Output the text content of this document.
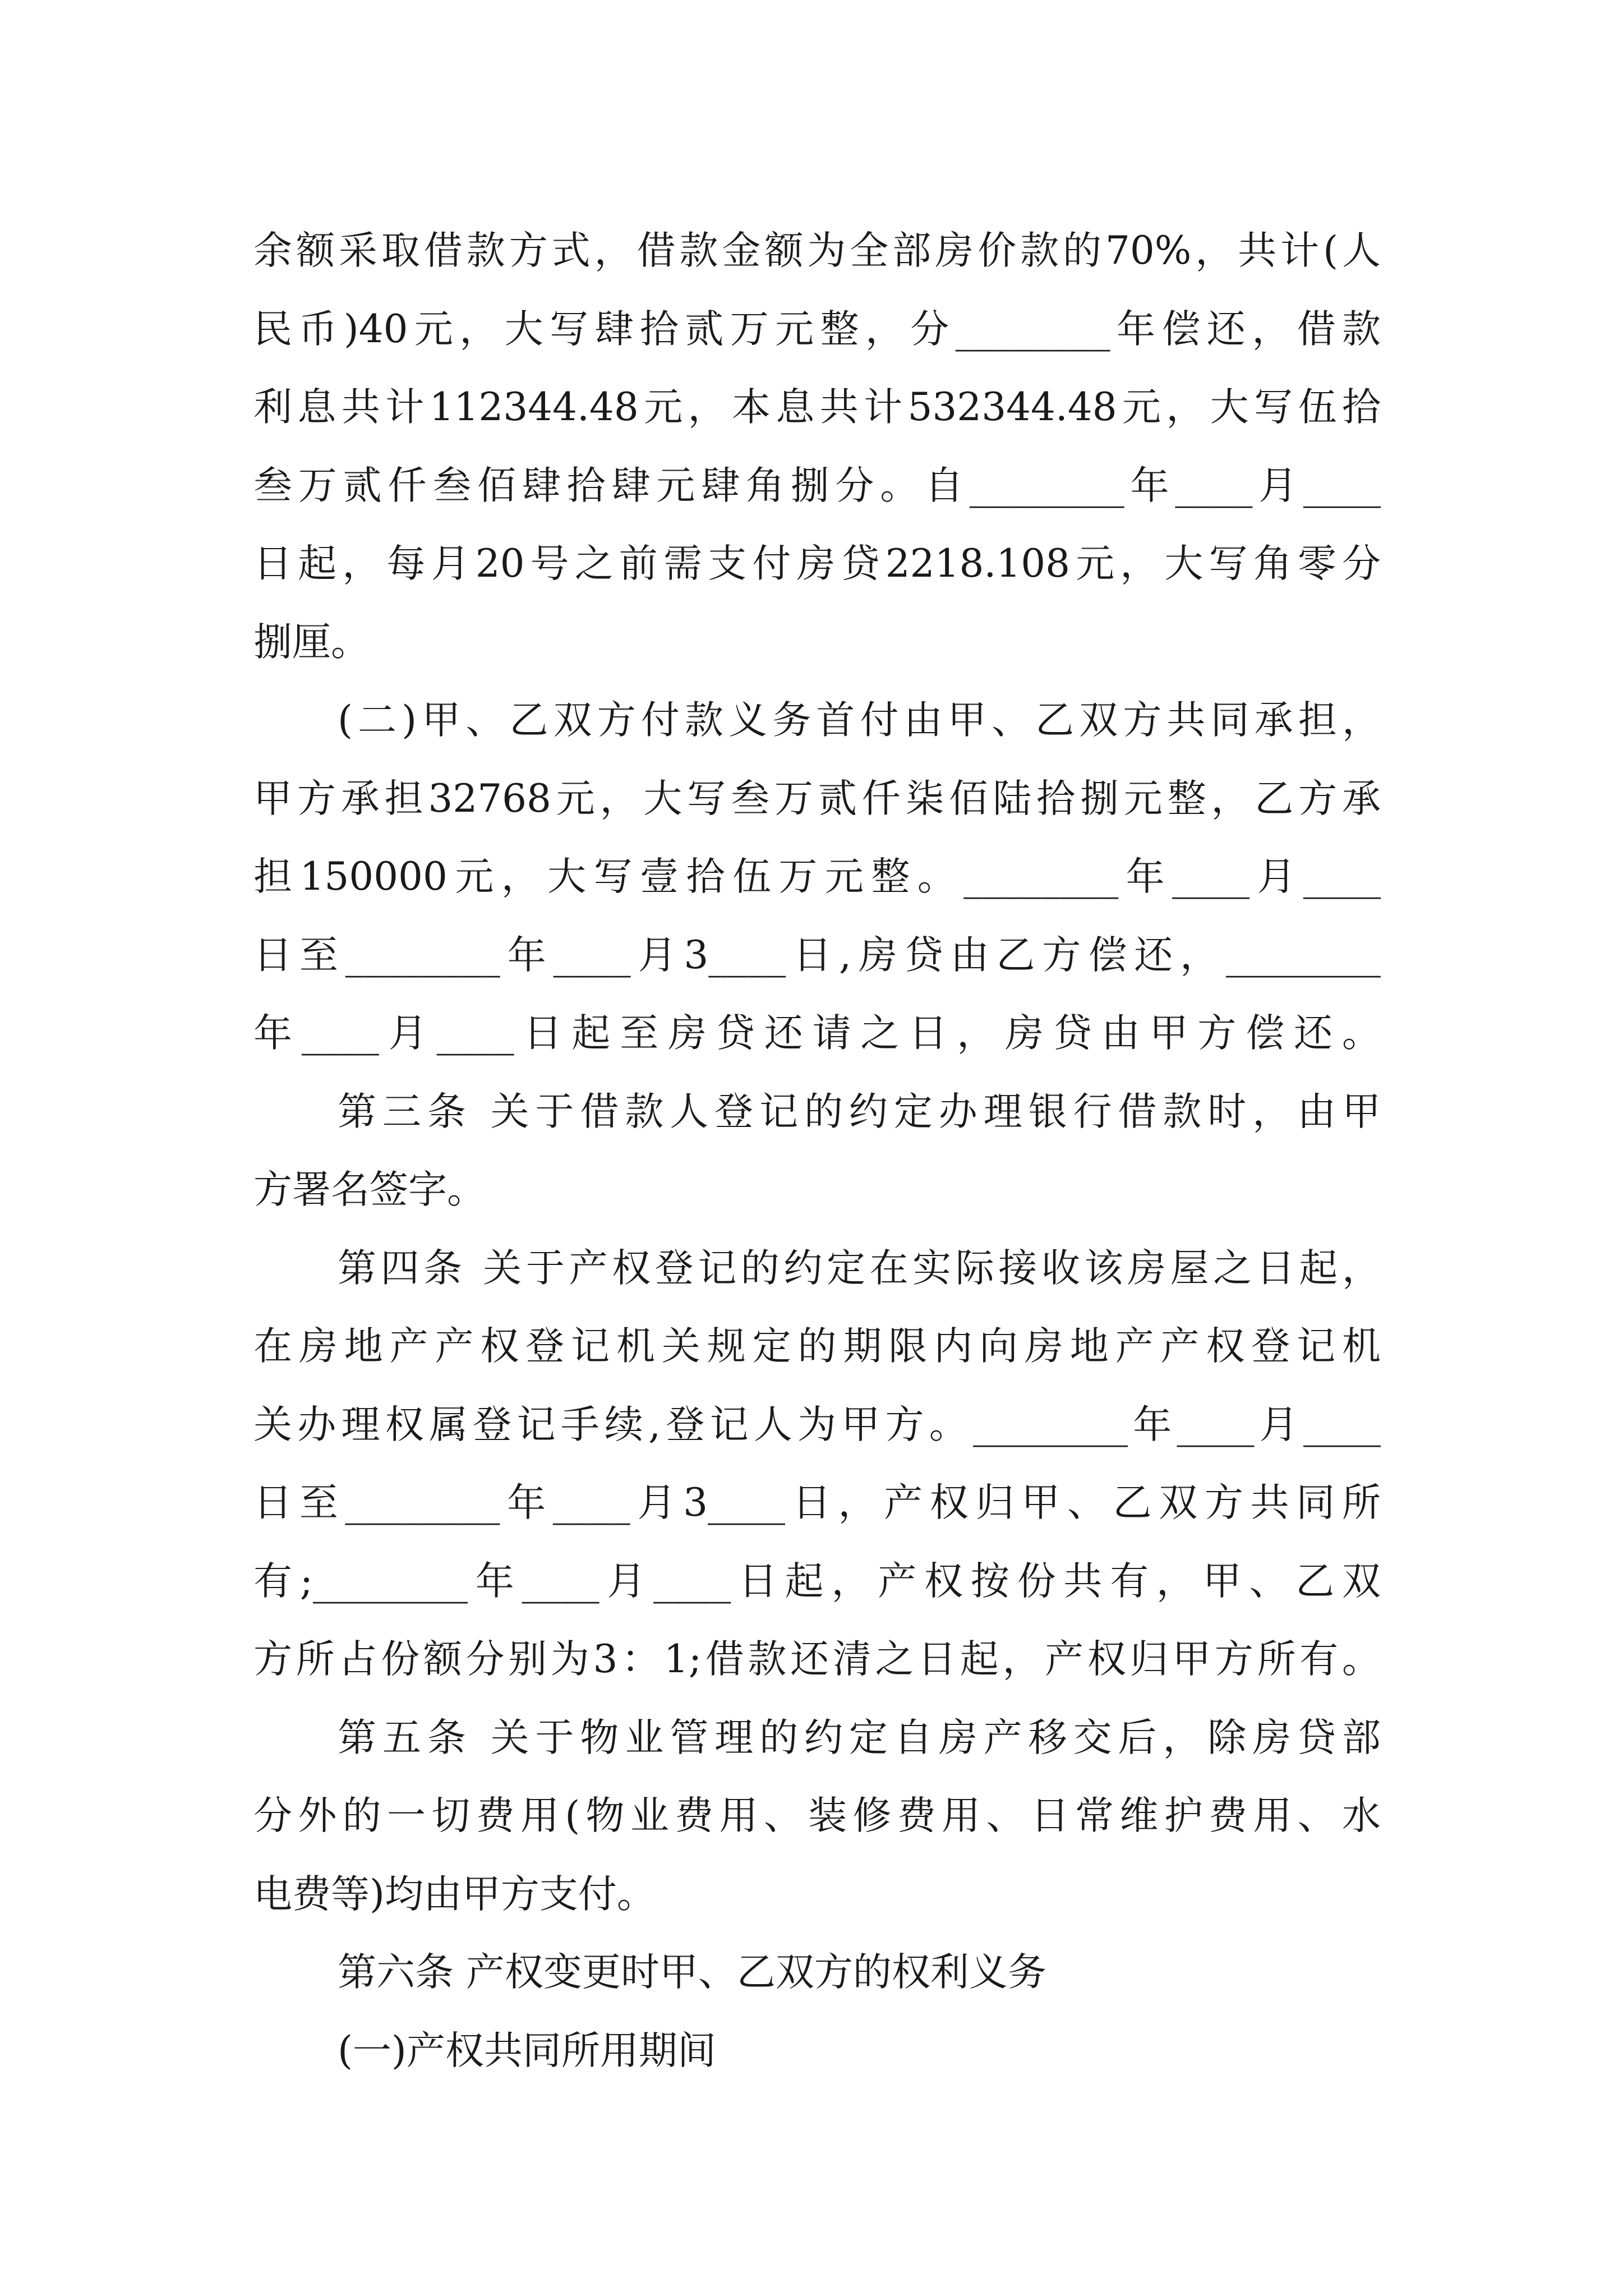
余额采取借款方式，借款金额为全部房价款的70%，共计(人
民币)40元，大写肆拾贰万元整，分________年偿还，借款
利息共计112344.48元，本息共计532344.48元，大写伍拾
叁万贰仟叁佰肆拾肆元肆角捌分。自________年____月____
日起，每月20号之前需支付房贷2218.108元，大写角零分
捌厘。
(二)甲、乙双方付款义务首付由甲、乙双方共同承担，
甲方承担32768元，大写叁万贰仟柒佰陆拾捌元整，乙方承
担150000元，大写壹拾伍万元整。________年____月____
日至________年____月3____日,房贷由乙方偿还，________
年____月____日起至房贷还请之日，房贷由甲方偿还。
第三条 关于借款人登记的约定办理银行借款时，由甲
方署名签字。
第四条 关于产权登记的约定在实际接收该房屋之日起，
在房地产产权登记机关规定的期限内向房地产产权登记机
关办理权属登记手续,登记人为甲方。________年____月____
日至________年____月3____日，产权归甲、乙双方共同所
有;________年____月____日起，产权按份共有，甲、乙双
方所占份额分别为3：1;借款还清之日起，产权归甲方所有。
第五条 关于物业管理的约定自房产移交后，除房贷部
分外的一切费用(物业费用、装修费用、日常维护费用、水
电费等)均由甲方支付。
第六条 产权变更时甲、乙双方的权利义务
(一)产权共同所用期间
